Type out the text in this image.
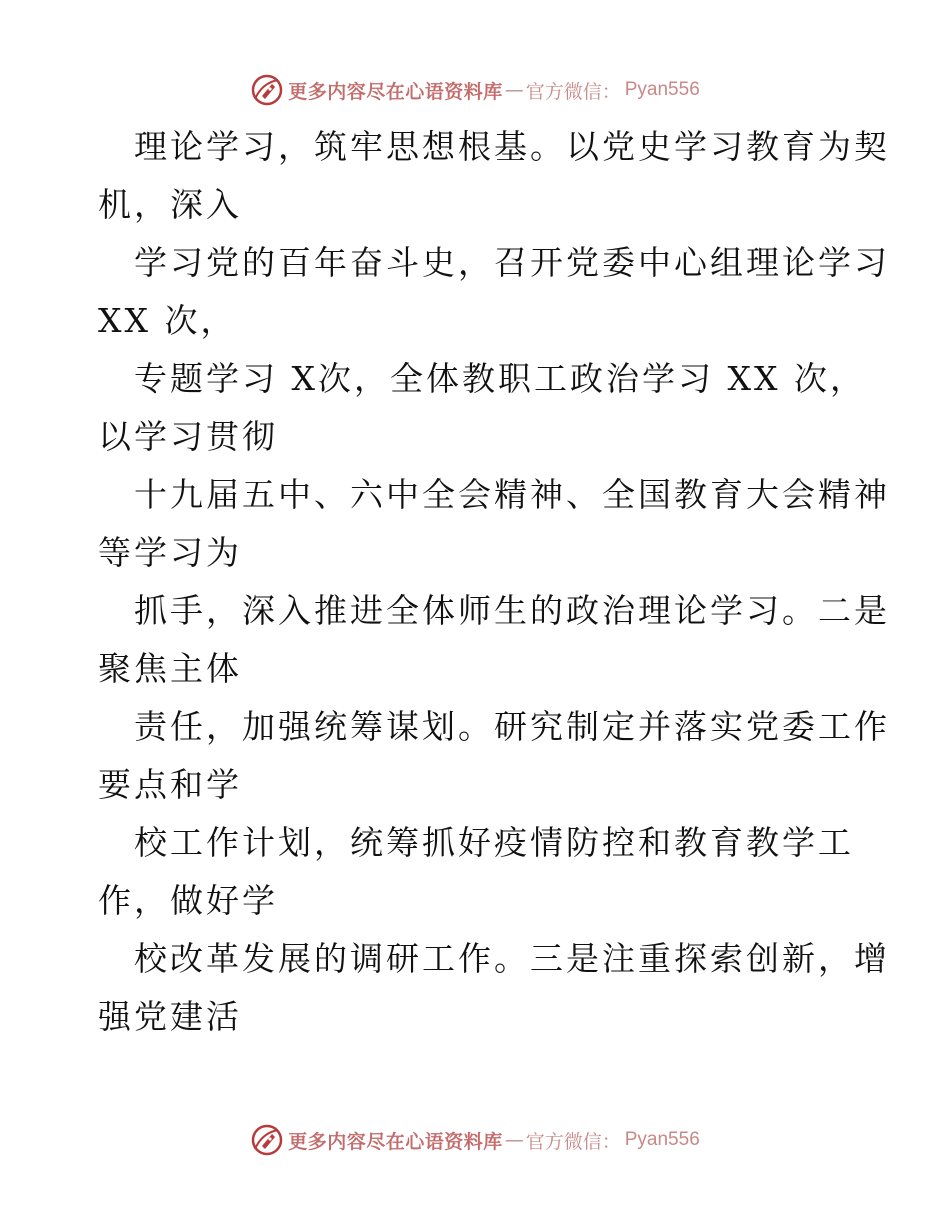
更多内容尽在心语资料库 — 官方微信： Pyan556
理论学习，筑牢思想根基。以党史学习教育为契
机，深入
学习党的百年奋斗史，召开党委中心组理论学习
XX 次，
专题学习 X次，全体教职工政治学习 XX 次，
以学习贯彻
十九届五中、六中全会精神、全国教育大会精神
等学习为
抓手，深入推进全体师生的政治理论学习。二是
聚焦主体
责任，加强统筹谋划。研究制定并落实党委工作
要点和学
校工作计划，统筹抓好疫情防控和教育教学工
作，做好学
校改革发展的调研工作。三是注重探索创新，增
强党建活
更多内容尽在心语资料库 — 官方微信： Pyan556
